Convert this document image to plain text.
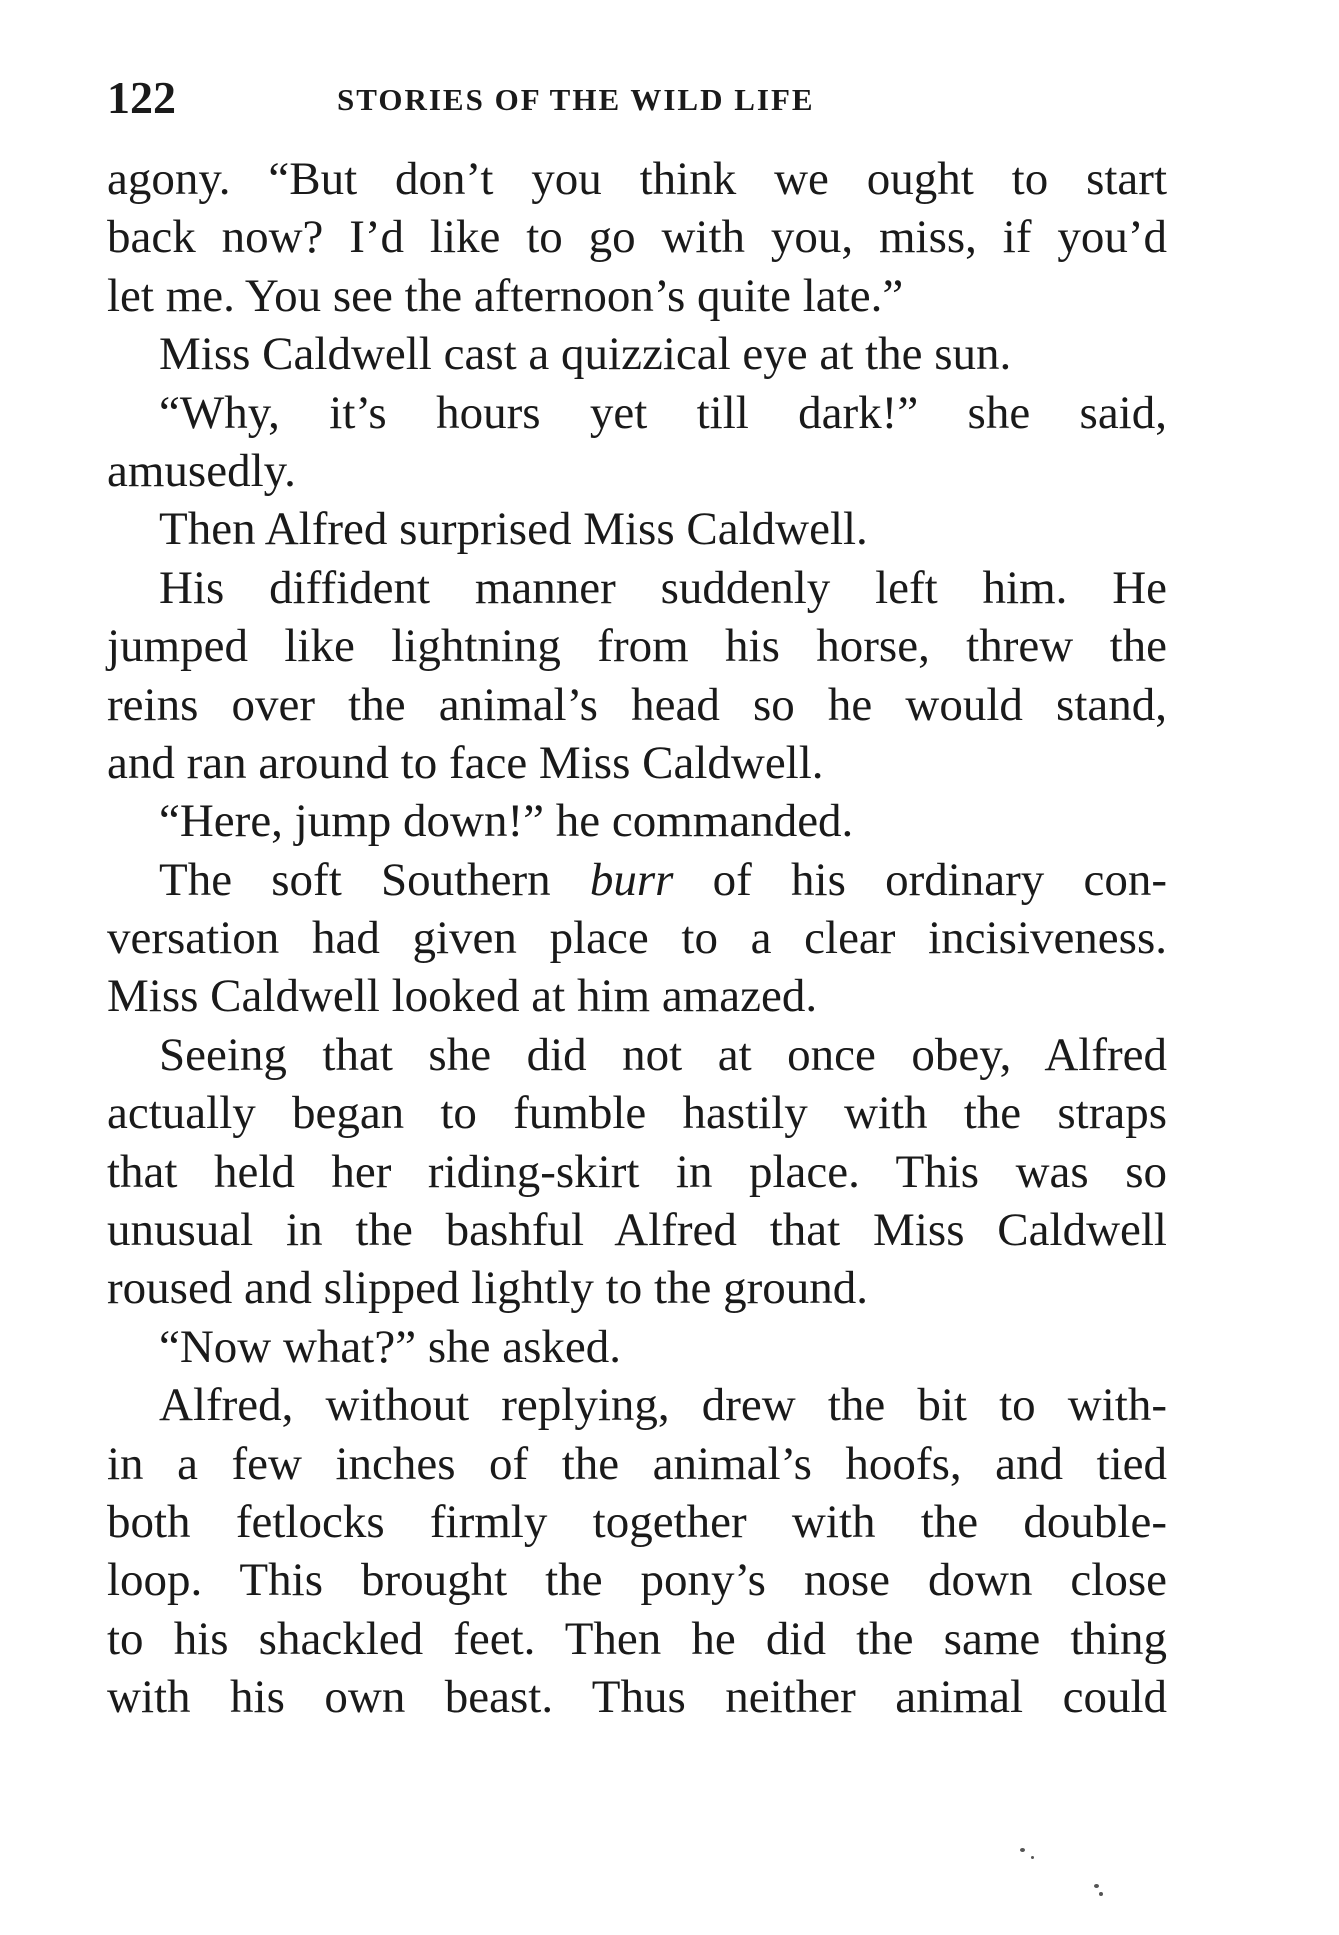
122	STORIES OF THE WILD LIFE
agony. “But don’t you think we ought to start
back now? I’d like to go with you, miss, if you’d
let me. You see the afternoon’s quite late.”
Miss Caldwell cast a quizzical eye at the sun.
“Why, it’s hours yet till dark!” she said,
amusedly.
Then Alfred surprised Miss Caldwell.
His diffident manner suddenly left him. He
jumped like lightning from his horse, threw the
reins over the animal’s head so he would stand,
and ran around to face Miss Caldwell.
“Here, jump down!” he commanded.
The soft Southern burr of his ordinary con-
versation had given place to a clear incisiveness.
Miss Caldwell looked at him amazed.
Seeing that she did not at once obey, Alfred
actually began to fumble hastily with the straps
that held her riding-skirt in place. This was so
unusual in the bashful Alfred that Miss Caldwell
roused and slipped lightly to the ground.
“Now what?” she asked.
Alfred, without replying, drew the bit to with-
in a few inches of the animal’s hoofs, and tied
both fetlocks firmly together with the double-
loop. This brought the pony’s nose down close
to his shackled feet. Then he did the same thing
with his own beast. Thus neither animal could
